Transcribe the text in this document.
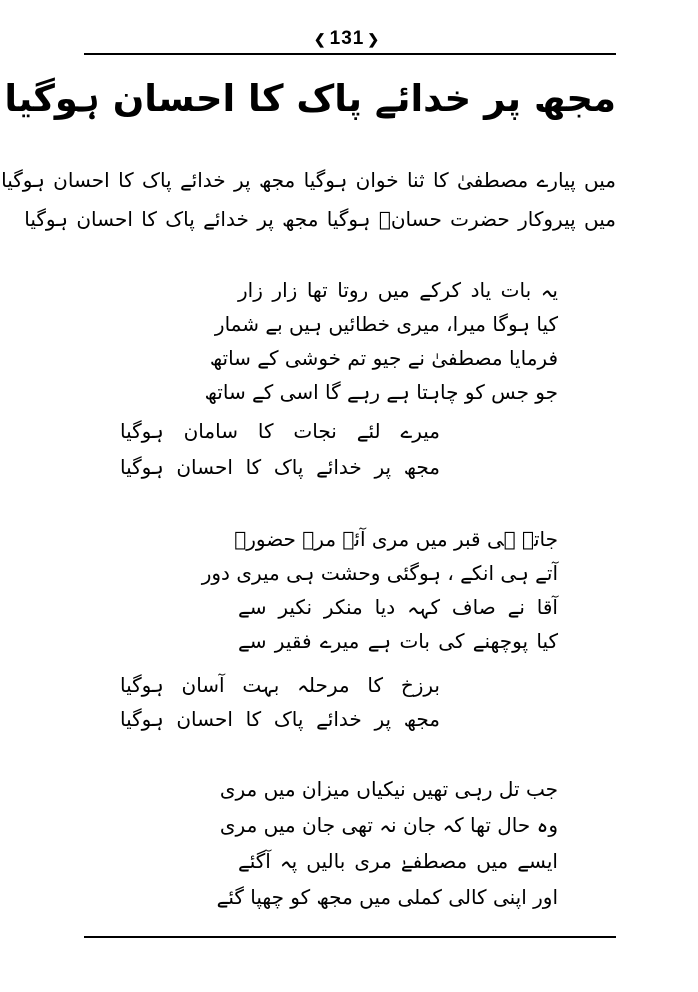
❮ 131 ❯
مجھ پر خدائے پاک کا احسان ہوگیا
میں پیارے مصطفیٰ کا ثنا خوان ہوگیا مجھ پر خدائے پاک کا احسان ہوگیا
میں پیروکار حضرت حسانؓ ہوگیا مجھ پر خدائے پاک کا احسان ہوگیا
یہ بات یاد کرکے میں روتا تھا زار زار
کیا ہوگا میرا، میری خطائیں ہیں بے شمار
فرمایا مصطفیٰ نے جیو تم خوشی کے ساتھ
جو جس کو چاہتا ہے رہے گا اسی کے ساتھ
میرے لئے نجات کا سامان ہوگیا
مجھ پر خدائے پاک کا احسان ہوگیا
جاتے ہی قبر میں مری آئے مرے حضورؐ
آتے ہی انکے ، ہوگئی وحشت ہی میری دور
آقا نے صاف کہہ دیا منکر نکیر سے
کیا پوچھنے کی بات ہے میرے فقیر سے
برزخ کا مرحلہ بہت آسان ہوگیا
مجھ پر خدائے پاک کا احسان ہوگیا
جب تل رہی تھیں نیکیاں میزان میں مری
وہ حال تھا کہ جان نہ تھی جان میں مری
ایسے میں مصطفےٰ مری بالیں پہ آگئے
اور اپنی کالی کملی میں مجھ کو چھپا گئے
